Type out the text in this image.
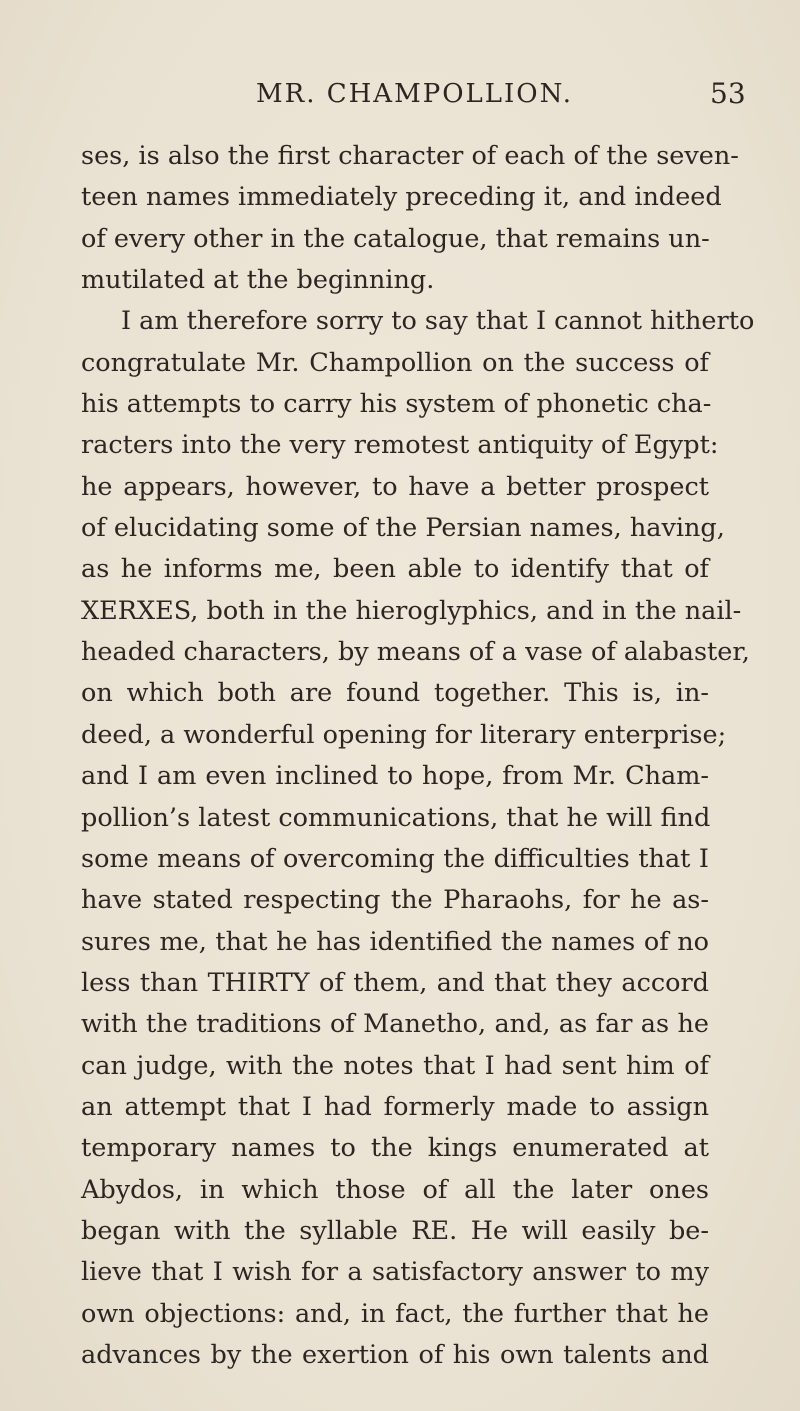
MR. CHAMPOLLION.	53
ses, is also the first character of each of the seven-
teen names immediately preceding it, and indeed
of every other in the catalogue, that remains un-
mutilated at the beginning.
I am therefore sorry to say that I cannot hitherto
congratulate Mr. Champollion on the success of
his attempts to carry his system of phonetic cha-
racters into the very remotest antiquity of Egypt:
he appears, however, to have a better prospect
of elucidating some of the Persian names, having,
as he informs me, been able to identify that of
XERXES, both in the hieroglyphics, and in the nail-
headed characters, by means of a vase of alabaster,
on which both are found together. This is, in-
deed, a wonderful opening for literary enterprise;
and I am even inclined to hope, from Mr. Cham-
pollion’s latest communications, that he will find
some means of overcoming the difficulties that I
have stated respecting the Pharaohs, for he as-
sures me, that he has identified the names of no
less than THIRTY of them, and that they accord
with the traditions of Manetho, and, as far as he
can judge, with the notes that I had sent him of
an attempt that I had formerly made to assign
temporary names to the kings enumerated at
Abydos, in which those of all the later ones
began with the syllable RE. He will easily be-
lieve that I wish for a satisfactory answer to my
own objections: and, in fact, the further that he
advances by the exertion of his own talents and
